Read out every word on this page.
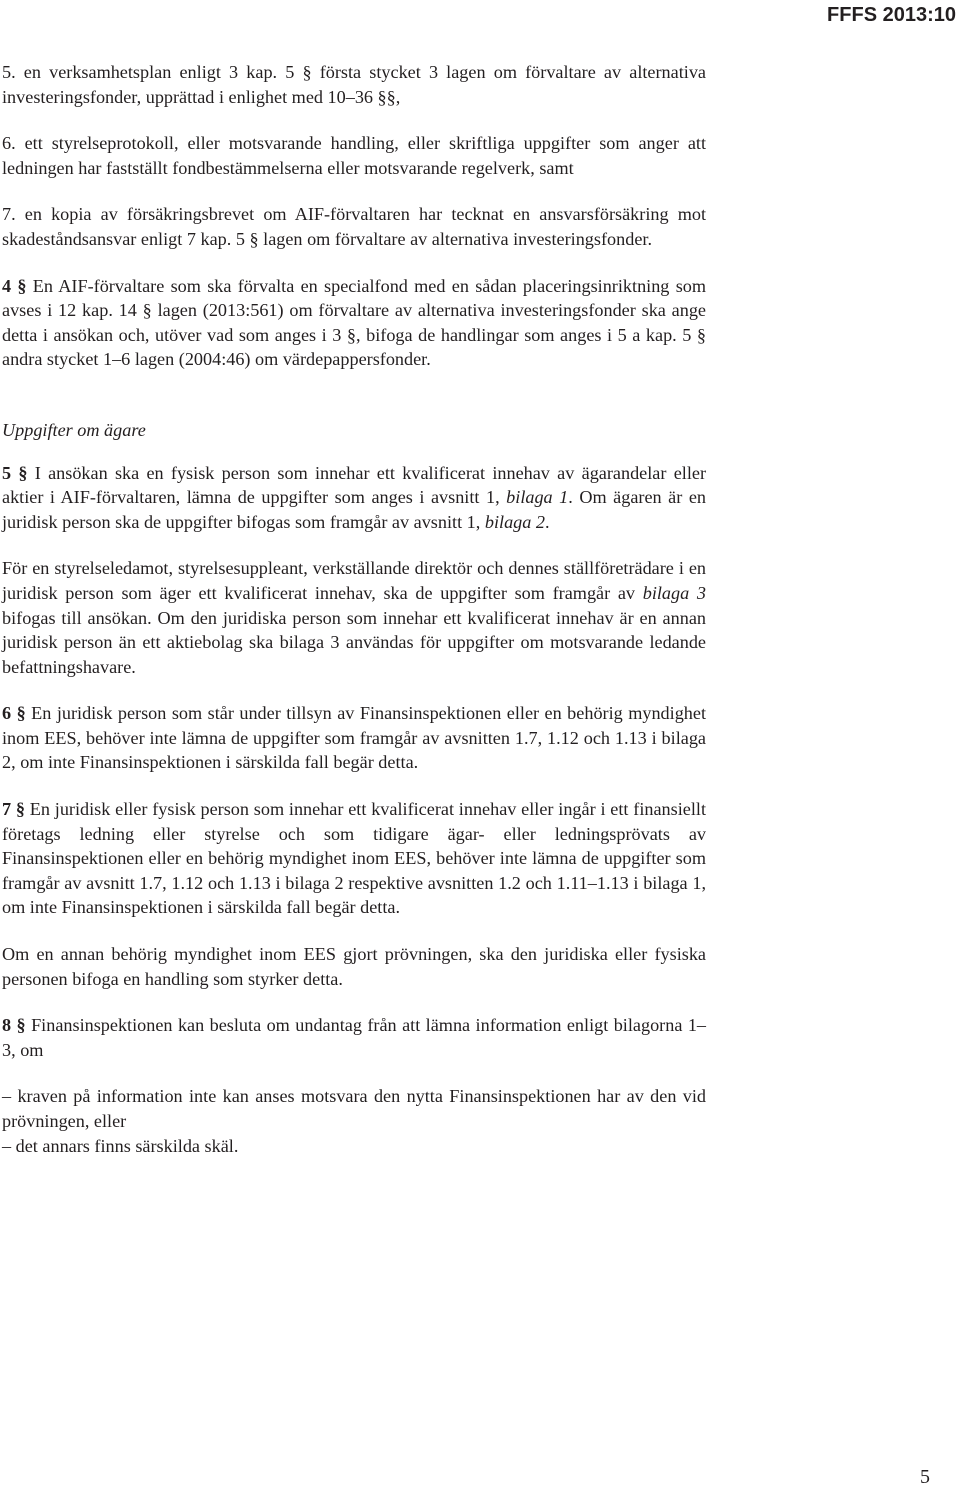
FFFS 2013:10

5. en verksamhetsplan enligt 3 kap. 5 § första stycket 3 lagen om förvaltare av alternativa investeringsfonder, upprättad i enlighet med 10–36 §§,

6. ett styrelseprotokoll, eller motsvarande handling, eller skriftliga uppgifter som anger att ledningen har fastställt fondbestämmelserna eller motsvarande regelverk, samt

7. en kopia av försäkringsbrevet om AIF-förvaltaren har tecknat en ansvarsförsäkring mot skadeståndsansvar enligt 7 kap. 5 § lagen om förvaltare av alternativa investeringsfonder.

4 § En AIF-förvaltare som ska förvalta en specialfond med en sådan placeringsinriktning som avses i 12 kap. 14 § lagen (2013:561) om förvaltare av alternativa investeringsfonder ska ange detta i ansökan och, utöver vad som anges i 3 §, bifoga de handlingar som anges i 5 a kap. 5 § andra stycket 1–6 lagen (2004:46) om värdepappersfonder.

Uppgifter om ägare

5 § I ansökan ska en fysisk person som innehar ett kvalificerat innehav av ägarandelar eller aktier i AIF-förvaltaren, lämna de uppgifter som anges i avsnitt 1, bilaga 1. Om ägaren är en juridisk person ska de uppgifter bifogas som framgår av avsnitt 1, bilaga 2.

För en styrelseledamot, styrelsesuppleant, verkställande direktör och dennes ställföreträdare i en juridisk person som äger ett kvalificerat innehav, ska de uppgifter som framgår av bilaga 3 bifogas till ansökan. Om den juridiska person som innehar ett kvalificerat innehav är en annan juridisk person än ett aktiebolag ska bilaga 3 användas för uppgifter om motsvarande ledande befattningshavare.

6 § En juridisk person som står under tillsyn av Finansinspektionen eller en behörig myndighet inom EES, behöver inte lämna de uppgifter som framgår av avsnitten 1.7, 1.12 och 1.13 i bilaga 2, om inte Finansinspektionen i särskilda fall begär detta.

7 § En juridisk eller fysisk person som innehar ett kvalificerat innehav eller ingår i ett finansiellt företags ledning eller styrelse och som tidigare ägar- eller ledningsprövats av Finansinspektionen eller en behörig myndighet inom EES, behöver inte lämna de uppgifter som framgår av avsnitt 1.7, 1.12 och 1.13 i bilaga 2 respektive avsnitten 1.2 och 1.11–1.13 i bilaga 1, om inte Finansinspektionen i särskilda fall begär detta.

Om en annan behörig myndighet inom EES gjort prövningen, ska den juridiska eller fysiska personen bifoga en handling som styrker detta.

8 § Finansinspektionen kan besluta om undantag från att lämna information enligt bilagorna 1–3, om

– kraven på information inte kan anses motsvara den nytta Finansinspektionen har av den vid prövningen, eller

– det annars finns särskilda skäl.

5
